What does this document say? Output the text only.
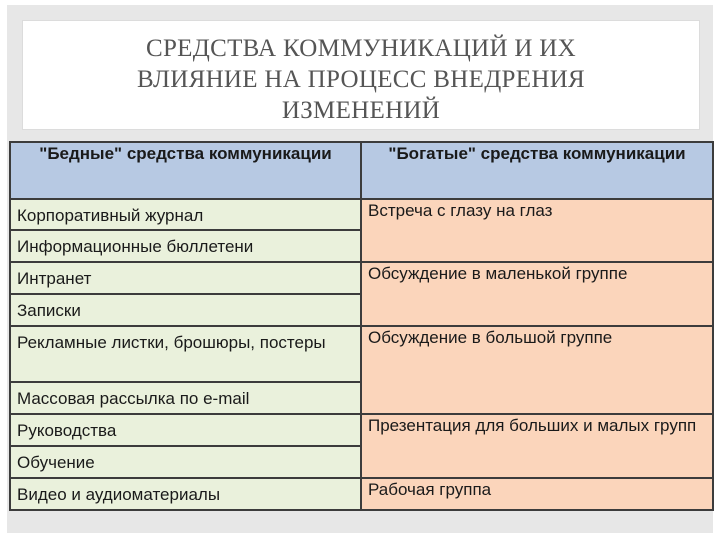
СРЕДСТВА КОММУНИКАЦИЙ И ИХ
ВЛИЯНИЕ НА ПРОЦЕСС ВНЕДРЕНИЯ
ИЗМЕНЕНИЙ
"Бедные" средства коммуникации	"Богатые" средства коммуникации
Корпоративный журнал	Встреча с глазу на глаз
Информационные бюллетени	
Интранет	Обсуждение в маленькой группе
Записки	
Рекламные листки, брошюры, постеры	Обсуждение в большой группе
Массовая рассылка по e-mail	
Руководства	Презентация для больших и малых групп
Обучение	
Видео и аудиоматериалы	Рабочая группа
